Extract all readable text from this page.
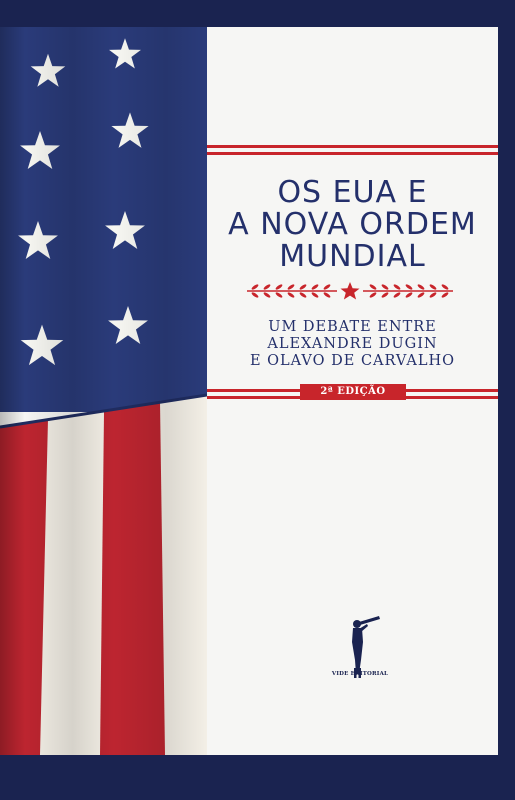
OS EUA E
A NOVA ORDEM
MUNDIAL
UM DEBATE ENTRE
ALEXANDRE DUGIN
E OLAVO DE CARVALHO
2ª EDIÇÃO
VIDE EDITORIAL
